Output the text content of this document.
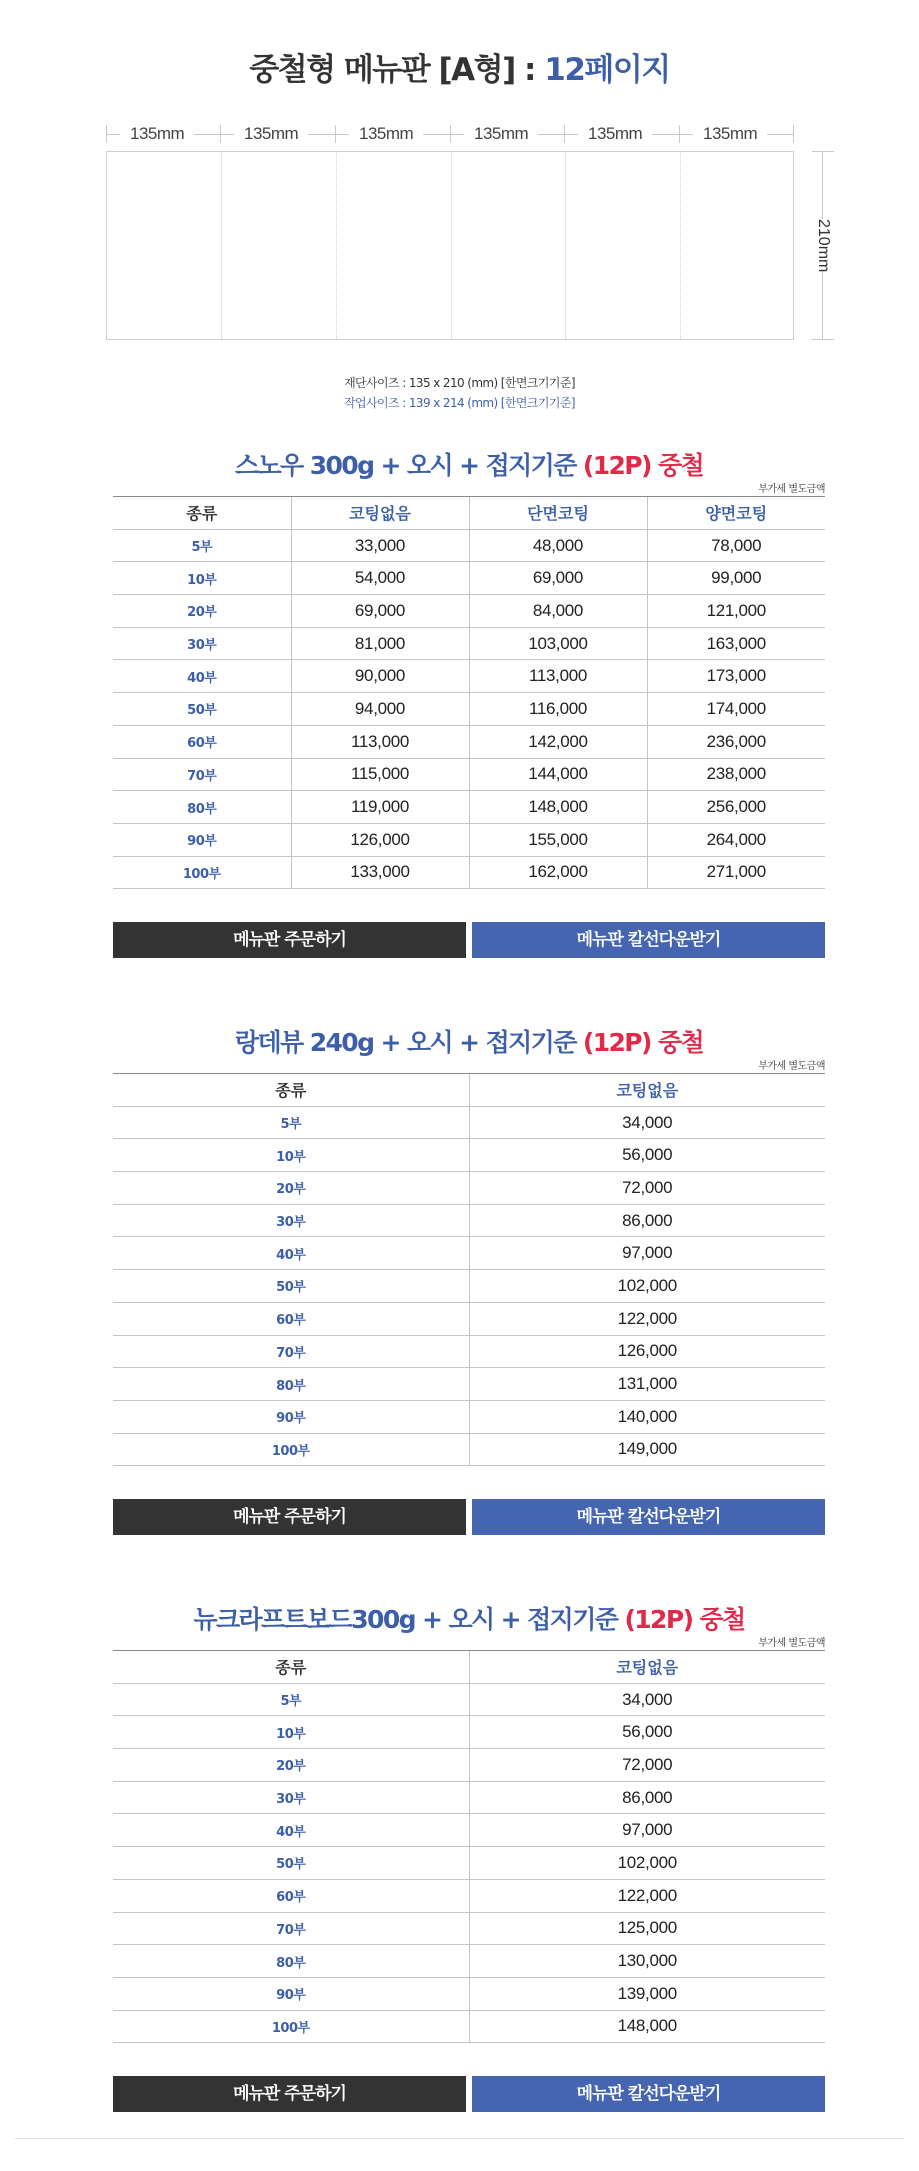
중철형 메뉴판 [A형] : 12페이지
135mm	135mm	135mm	135mm	135mm	135mm
210mm
재단사이즈 : 135 x 210 (mm) [한면크기기준]
작업사이즈 : 139 x 214 (mm) [한면크기기준]
스노우 300g + 오시 + 접지기준 (12P) 중철
부가세 별도금액
종류	코팅없음	단면코팅	양면코팅
5부	33,000	48,000	78,000
10부	54,000	69,000	99,000
20부	69,000	84,000	121,000
30부	81,000	103,000	163,000
40부	90,000	113,000	173,000
50부	94,000	116,000	174,000
60부	113,000	142,000	236,000
70부	115,000	144,000	238,000
80부	119,000	148,000	256,000
90부	126,000	155,000	264,000
100부	133,000	162,000	271,000
메뉴판 주문하기	메뉴판 칼선다운받기
랑데뷰 240g + 오시 + 접지기준 (12P) 중철
부가세 별도금액
종류	코팅없음
5부	34,000
10부	56,000
20부	72,000
30부	86,000
40부	97,000
50부	102,000
60부	122,000
70부	126,000
80부	131,000
90부	140,000
100부	149,000
메뉴판 주문하기	메뉴판 칼선다운받기
뉴크라프트보드300g + 오시 + 접지기준 (12P) 중철
부가세 별도금액
종류	코팅없음
5부	34,000
10부	56,000
20부	72,000
30부	86,000
40부	97,000
50부	102,000
60부	122,000
70부	125,000
80부	130,000
90부	139,000
100부	148,000
메뉴판 주문하기	메뉴판 칼선다운받기
